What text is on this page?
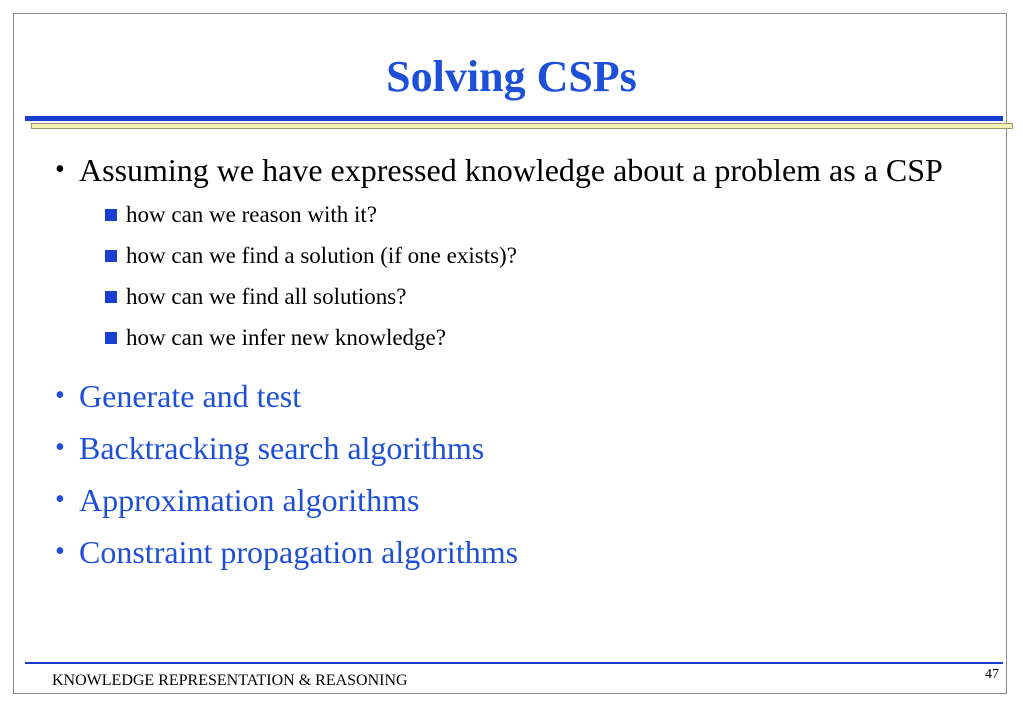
Solving CSPs
• Assuming we have expressed knowledge about a problem as a CSP
how can we reason with it?
how can we find a solution (if one exists)?
how can we find all solutions?
how can we infer new knowledge?
• Generate and test
• Backtracking search algorithms
• Approximation algorithms
• Constraint propagation algorithms
KNOWLEDGE REPRESENTATION & REASONING	47
